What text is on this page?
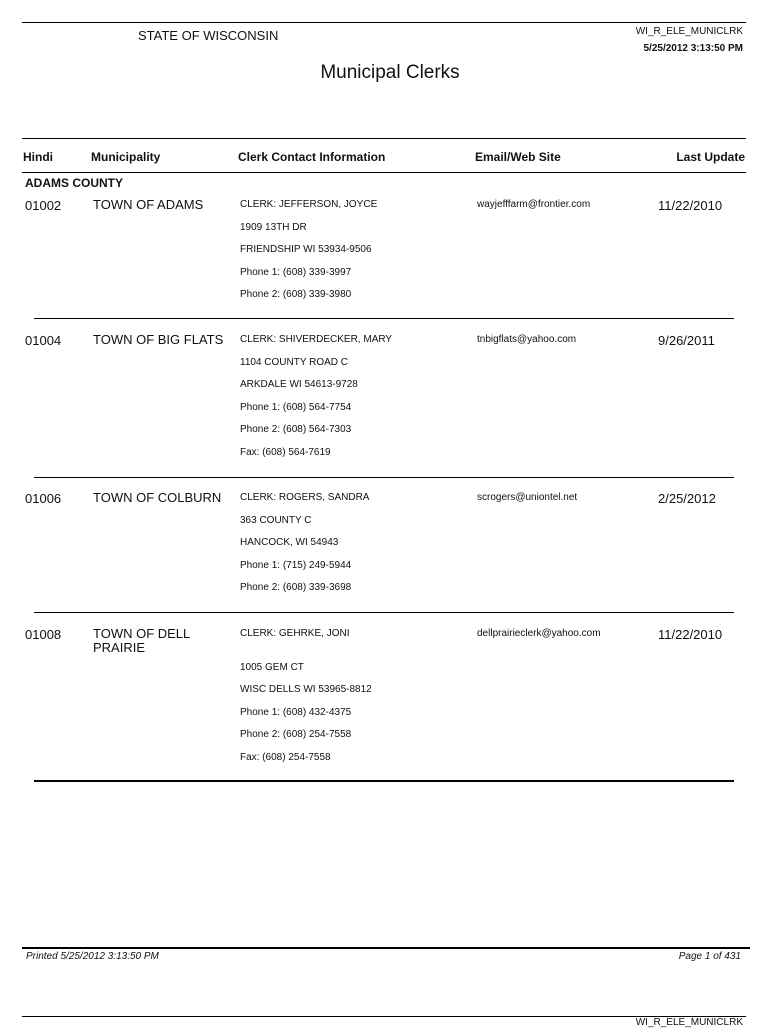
STATE OF WISCONSIN	WI_R_ELE_MUNICLRK
5/25/2012 3:13:50 PM
Municipal Clerks
Hindi	Municipality	Clerk Contact Information	Email/Web Site	Last Update
ADAMS COUNTY
01002 TOWN OF ADAMS	CLERK: JEFFERSON, JOYCE
1909 13TH DR
FRIENDSHIP WI 53934-9506
Phone 1: (608) 339-3997
Phone 2: (608) 339-3980
wayjefffarm@frontier.com	11/22/2010
01004 TOWN OF BIG FLATS	CLERK: SHIVERDECKER, MARY
1104 COUNTY ROAD C
ARKDALE WI 54613-9728
Phone 1: (608) 564-7754
Phone 2: (608) 564-7303
Fax: (608) 564-7619
tnbigflats@yahoo.com	9/26/2011
01006 TOWN OF COLBURN	CLERK: ROGERS, SANDRA
363 COUNTY C
HANCOCK, WI 54943
Phone 1: (715) 249-5944
Phone 2: (608) 339-3698
scrogers@uniontel.net	2/25/2012
01008 TOWN OF DELL PRAIRIE
CLERK: GEHRKE, JONI
1005 GEM CT
WISC DELLS WI 53965-8812
Phone 1: (608) 432-4375
Phone 2: (608) 254-7558
Fax: (608) 254-7558
dellprairieclerk@yahoo.com	11/22/2010
Printed 5/25/2012 3:13:50 PM	Page 1 of 431
WI_R_ELE_MUNICLRK
